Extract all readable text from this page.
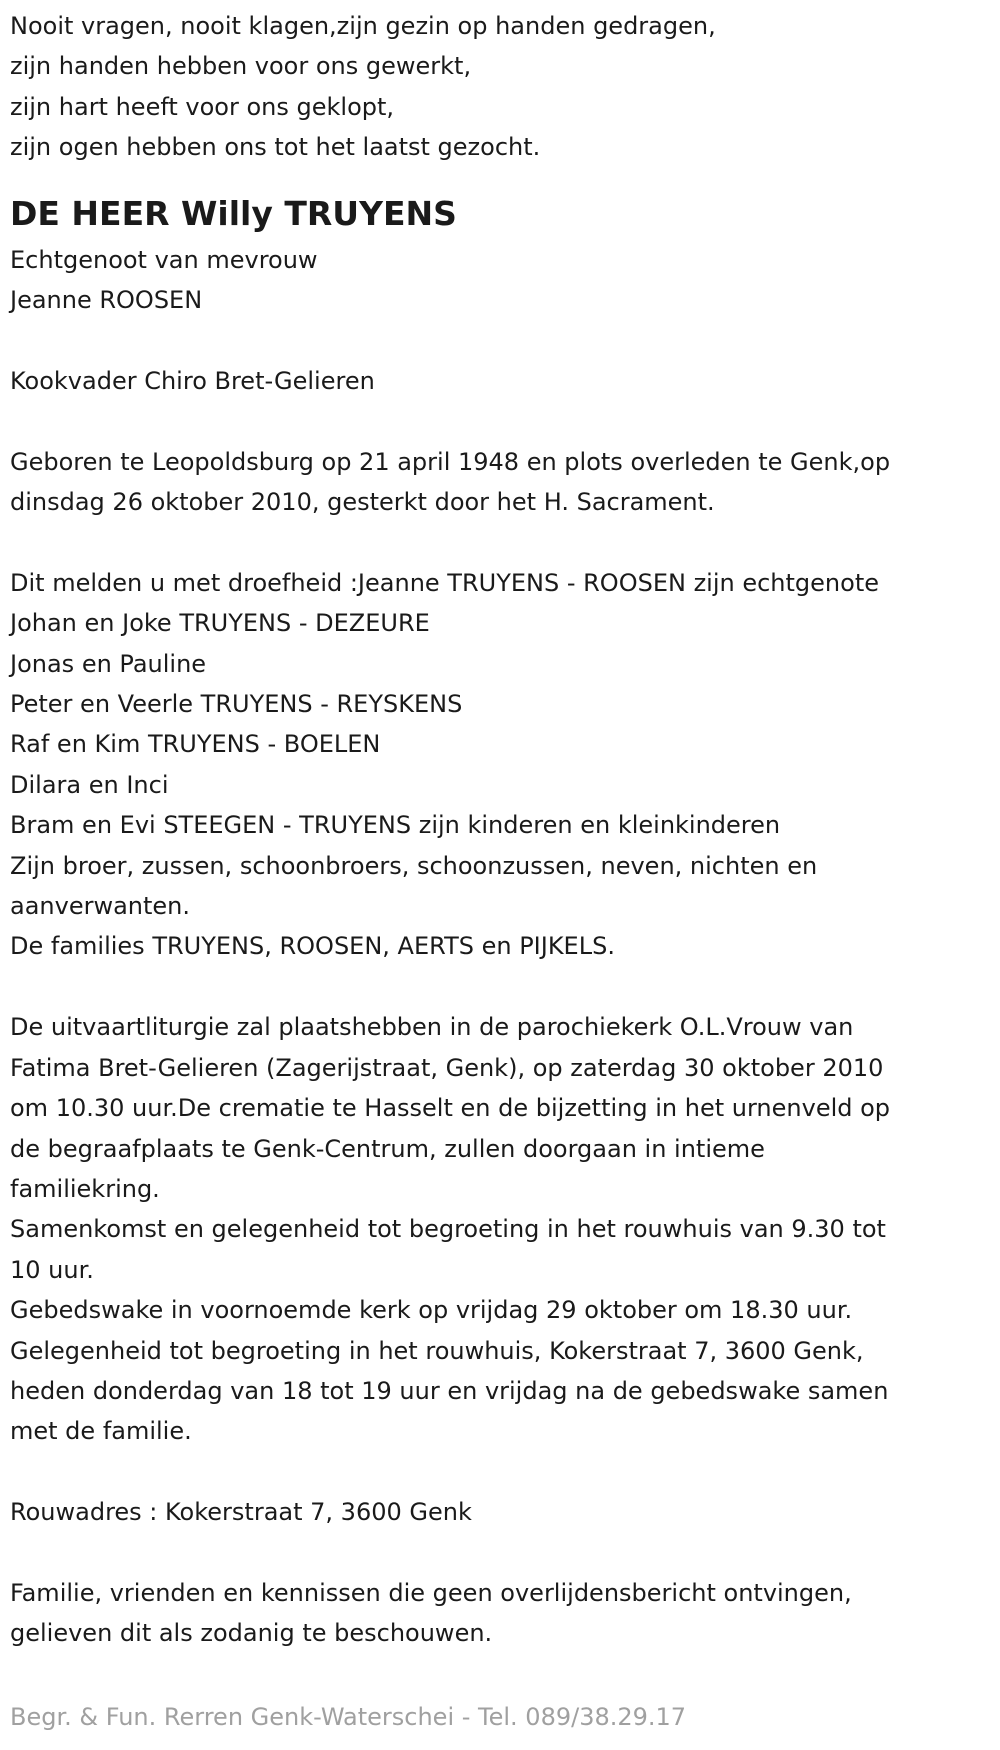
Nooit vragen, nooit klagen,zijn gezin op handen gedragen,

zijn handen hebben voor ons gewerkt,

zijn hart heeft voor ons geklopt,

zijn ogen hebben ons tot het laatst gezocht.

DE HEER Willy TRUYENS

Echtgenoot van mevrouw

Jeanne ROOSEN

Kookvader Chiro Bret-Gelieren

Geboren te Leopoldsburg op 21 april 1948 en plots overleden te Genk,op

dinsdag 26 oktober 2010, gesterkt door het H. Sacrament.

Dit melden u met droefheid :Jeanne TRUYENS - ROOSEN zijn echtgenote

Johan en Joke TRUYENS - DEZEURE

Jonas en Pauline

Peter en Veerle TRUYENS - REYSKENS

Raf en Kim TRUYENS - BOELEN

Dilara en Inci

Bram en Evi STEEGEN - TRUYENS zijn kinderen en kleinkinderen

Zijn broer, zussen, schoonbroers, schoonzussen, neven, nichten en

aanverwanten.

De families TRUYENS, ROOSEN, AERTS en PIJKELS.

De uitvaartliturgie zal plaatshebben in de parochiekerk O.L.Vrouw van

Fatima Bret-Gelieren (Zagerijstraat, Genk), op zaterdag 30 oktober 2010

om 10.30 uur.De crematie te Hasselt en de bijzetting in het urnenveld op

de begraafplaats te Genk-Centrum, zullen doorgaan in intieme

familiekring.

Samenkomst en gelegenheid tot begroeting in het rouwhuis van 9.30 tot

10 uur.

Gebedswake in voornoemde kerk op vrijdag 29 oktober om 18.30 uur.

Gelegenheid tot begroeting in het rouwhuis, Kokerstraat 7, 3600 Genk,

heden donderdag van 18 tot 19 uur en vrijdag na de gebedswake samen

met de familie.

Rouwadres : Kokerstraat 7, 3600 Genk

Familie, vrienden en kennissen die geen overlijdensbericht ontvingen,

gelieven dit als zodanig te beschouwen.

Begr. & Fun. Rerren Genk-Waterschei - Tel. 089/38.29.17
